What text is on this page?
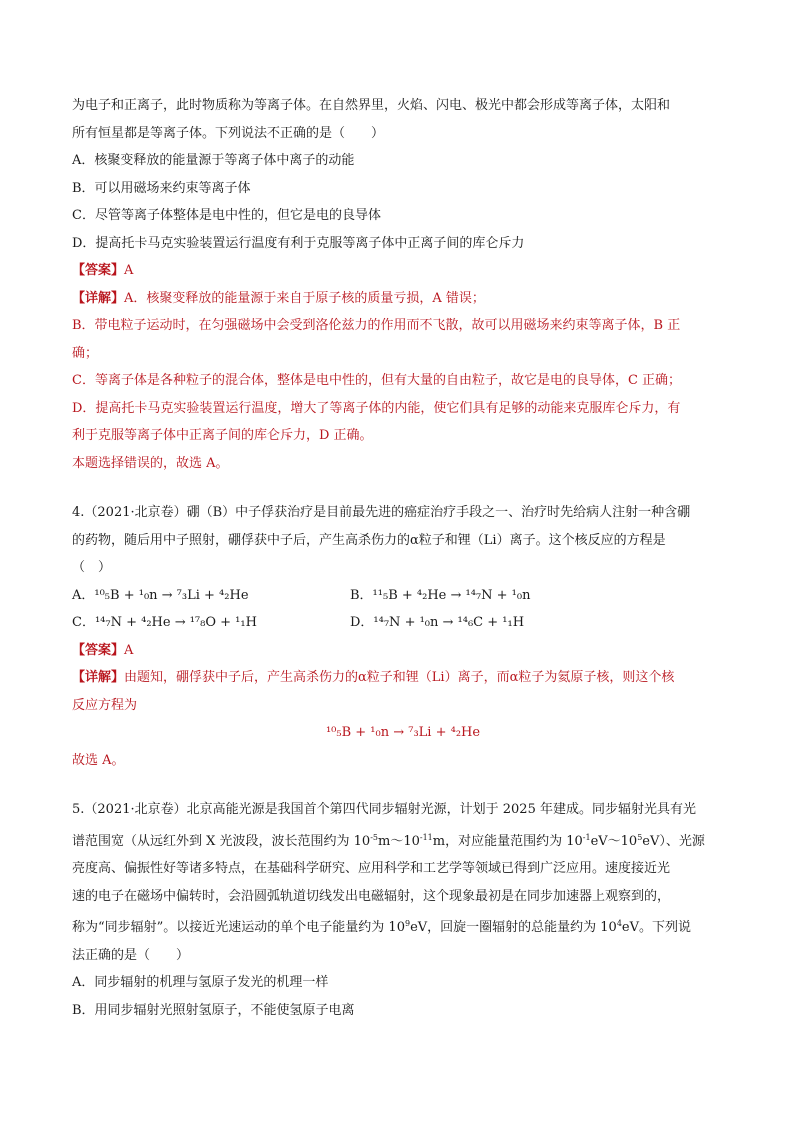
为电子和正离子，此时物质称为等离子体。在自然界里，火焰、闪电、极光中都会形成等离子体，太阳和
所有恒星都是等离子体。下列说法不正确的是（　　）
A．核聚变释放的能量源于等离子体中离子的动能
B．可以用磁场来约束等离子体
C．尽管等离子体整体是电中性的，但它是电的良导体
D．提高托卡马克实验装置运行温度有利于克服等离子体中正离子间的库仑斥力
【答案】A
【详解】A．核聚变释放的能量源于来自于原子核的质量亏损，A 错误；
B．带电粒子运动时，在匀强磁场中会受到洛伦兹力的作用而不飞散，故可以用磁场来约束等离子体，B 正
确；
C．等离子体是各种粒子的混合体，整体是电中性的，但有大量的自由粒子，故它是电的良导体，C 正确；
D．提高托卡马克实验装置运行温度，增大了等离子体的内能，使它们具有足够的动能来克服库仑斥力，有
利于克服等离子体中正离子间的库仑斥力，D 正确。
本题选择错误的，故选 A。
4.（2021·北京卷）硼（B）中子俘获治疗是目前最先进的癌症治疗手段之一、治疗时先给病人注射一种含硼
的药物，随后用中子照射，硼俘获中子后，产生高杀伤力的α粒子和锂（Li）离子。这个核反应的方程是
（　）
A．¹⁰₅B + ¹₀n → ⁷₃Li + ⁴₂He	B．¹¹₅B + ⁴₂He → ¹⁴₇N + ¹₀n
C．¹⁴₇N + ⁴₂He → ¹⁷₈O + ¹₁H	D．¹⁴₇N + ¹₀n → ¹⁴₆C + ¹₁H
【答案】A
【详解】由题知，硼俘获中子后，产生高杀伤力的α粒子和锂（Li）离子，而α粒子为氦原子核，则这个核
反应方程为
¹⁰₅B + ¹₀n → ⁷₃Li + ⁴₂He
故选 A。
5.（2021·北京卷）北京高能光源是我国首个第四代同步辐射光源，计划于 2025 年建成。同步辐射光具有光
谱范围宽（从远红外到 X 光波段，波长范围约为 $10^{-5}m\sim 10^{-11}m$，对应能量范围约为 $10^{-1}eV\sim 10^5eV$）、光源
亮度高、偏振性好等诸多特点，在基础科学研究、应用科学和工艺学等领域已得到广泛应用。速度接近光
速的电子在磁场中偏转时，会沿圆弧轨道切线发出电磁辐射，这个现象最初是在同步加速器上观察到的，
称为“同步辐射”。以接近光速运动的单个电子能量约为 $10^9eV$，回旋一圈辐射的总能量约为 $10^4eV$。下列说
法正确的是（　　）
A．同步辐射的机理与氢原子发光的机理一样
B．用同步辐射光照射氢原子，不能使氢原子电离
